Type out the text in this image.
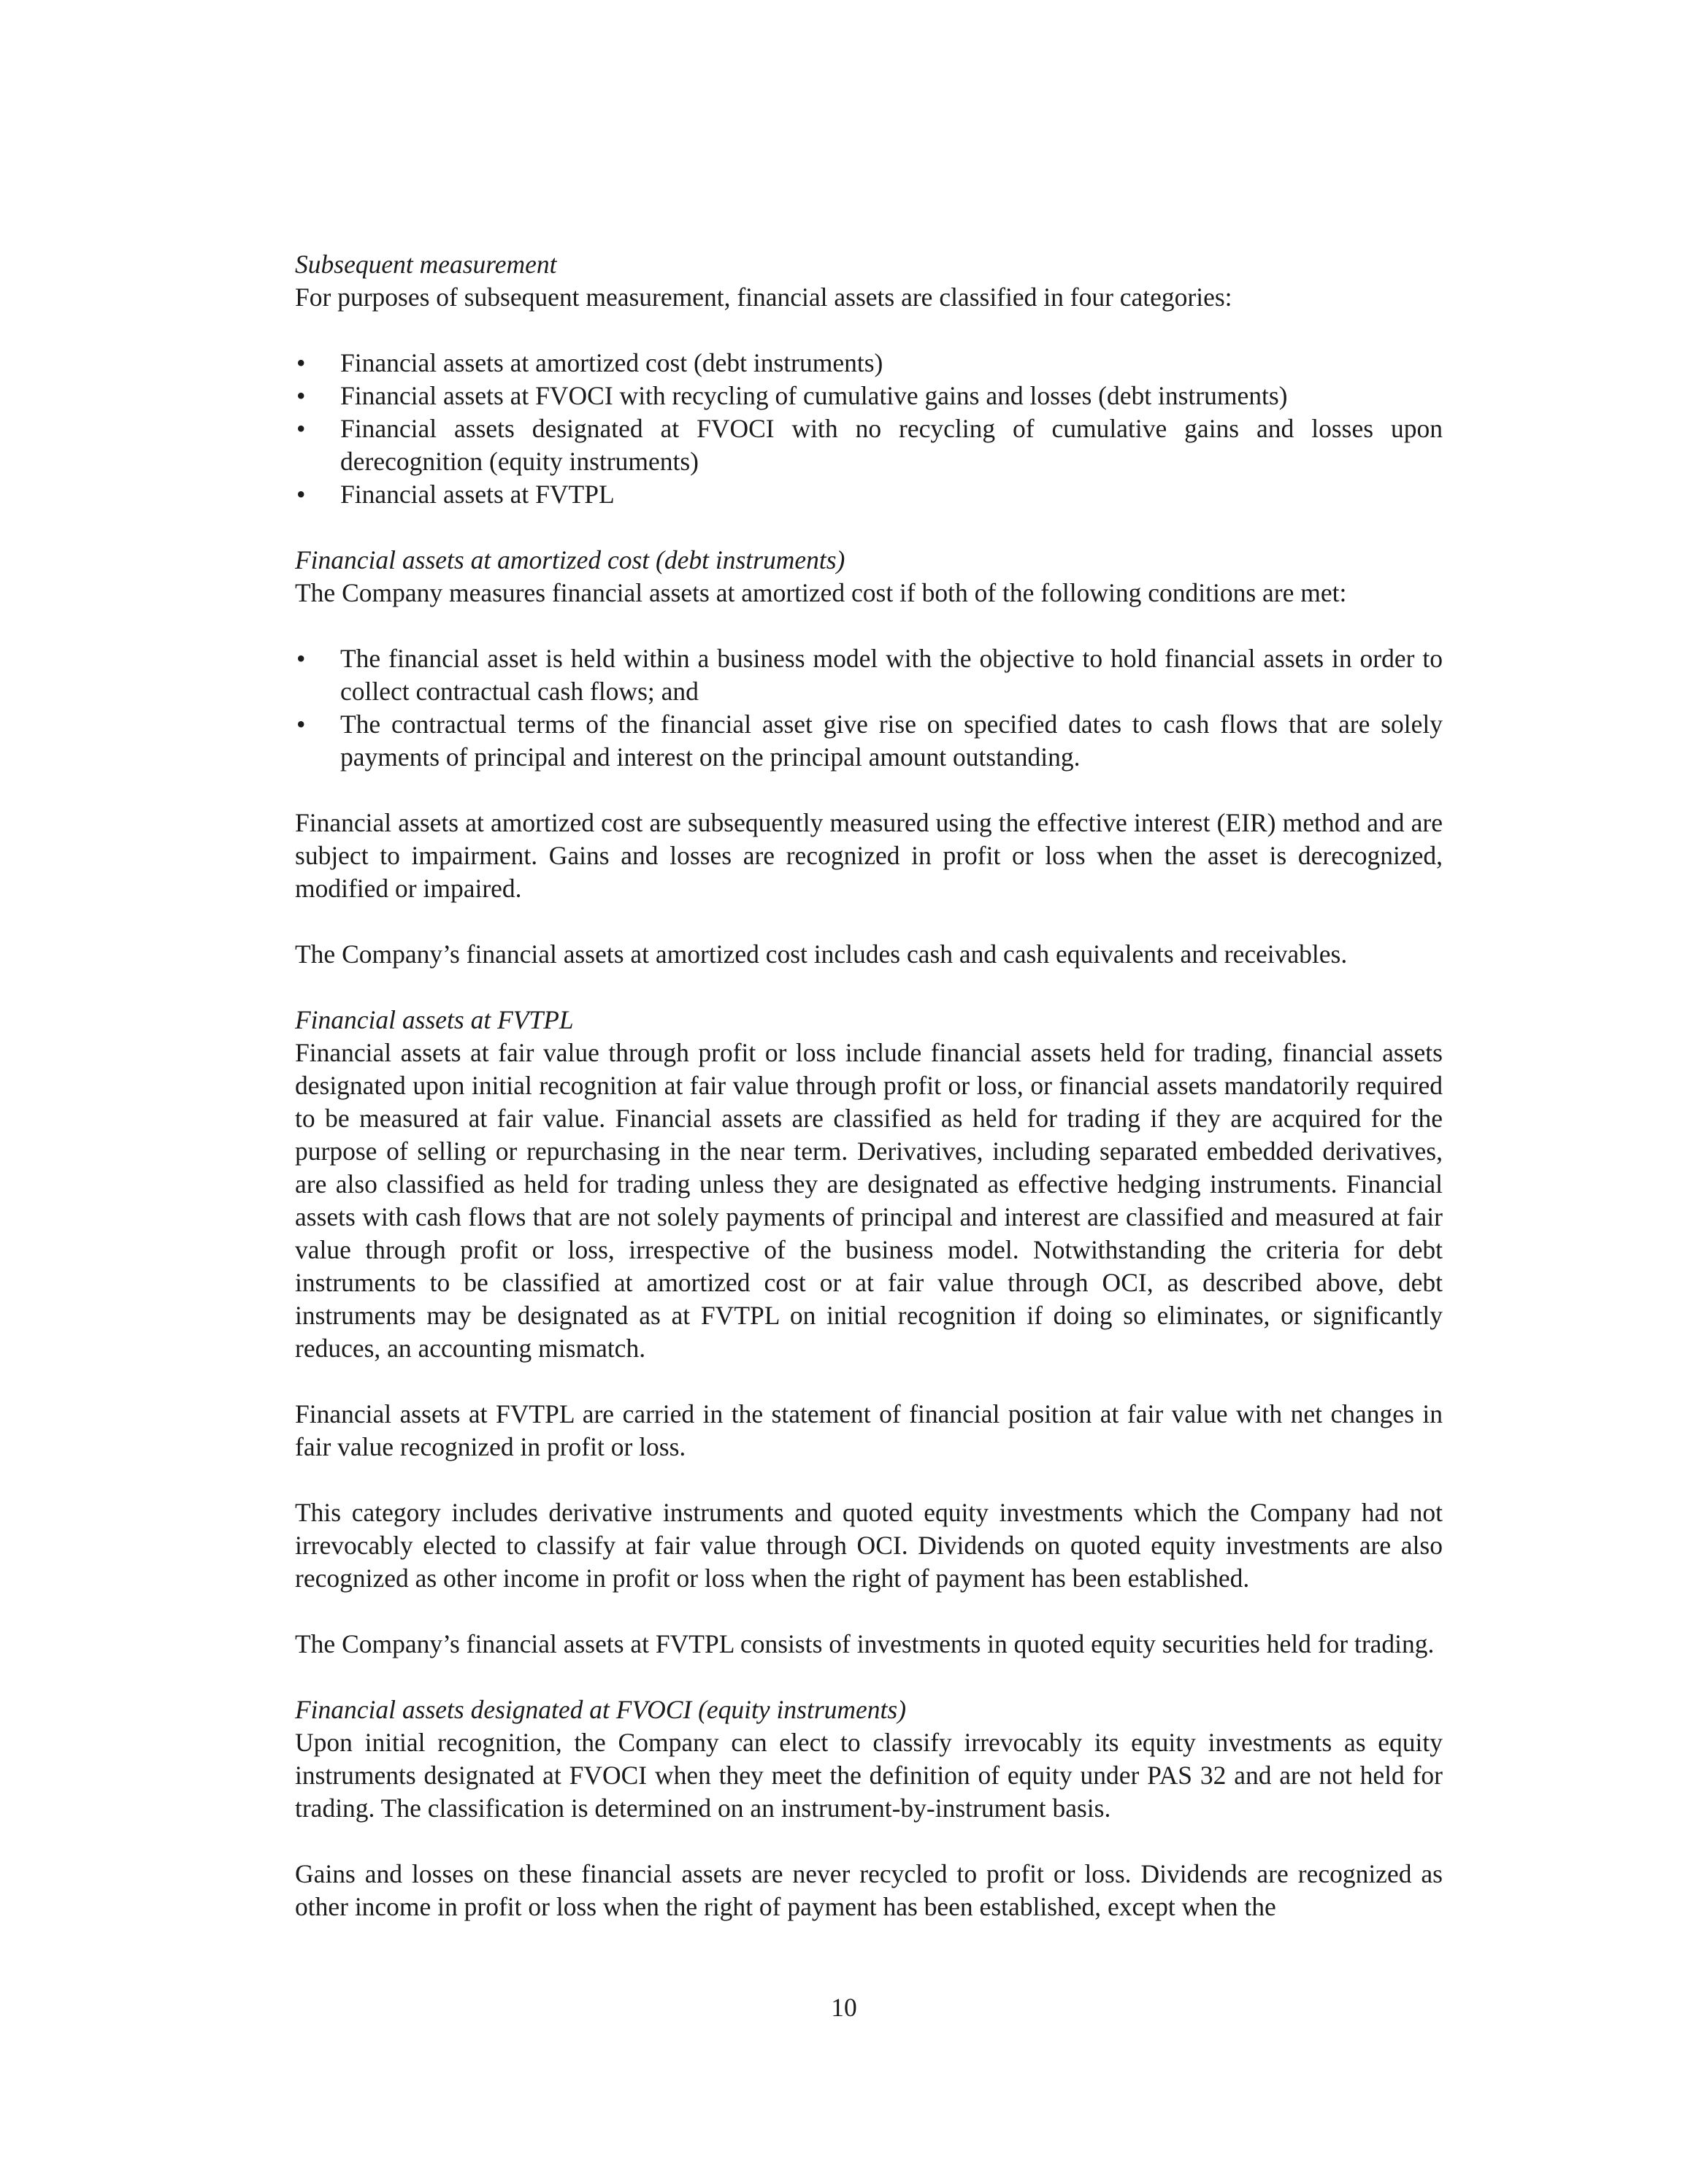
Subsequent measurement

For purposes of subsequent measurement, financial assets are classified in four categories:

•	Financial assets at amortized cost (debt instruments)
•	Financial assets at FVOCI with recycling of cumulative gains and losses (debt instruments)
•	Financial assets designated at FVOCI with no recycling of cumulative gains and losses upon derecognition (equity instruments)
•	Financial assets at FVTPL
Financial assets at amortized cost (debt instruments)

The Company measures financial assets at amortized cost if both of the following conditions are met:

•	The financial asset is held within a business model with the objective to hold financial assets in order to collect contractual cash flows; and
•	The contractual terms of the financial asset give rise on specified dates to cash flows that are solely payments of principal and interest on the principal amount outstanding.

Financial assets at amortized cost are subsequently measured using the effective interest (EIR) method and are subject to impairment. Gains and losses are recognized in profit or loss when the asset is derecognized, modified or impaired.

The Company’s financial assets at amortized cost includes cash and cash equivalents and receivables.

Financial assets at FVTPL

Financial assets at fair value through profit or loss include financial assets held for trading, financial assets designated upon initial recognition at fair value through profit or loss, or financial assets mandatorily required to be measured at fair value. Financial assets are classified as held for trading if they are acquired for the purpose of selling or repurchasing in the near term. Derivatives, including separated embedded derivatives, are also classified as held for trading unless they are designated as effective hedging instruments. Financial assets with cash flows that are not solely payments of principal and interest are classified and measured at fair value through profit or loss, irrespective of the business model. Notwithstanding the criteria for debt instruments to be classified at amortized cost or at fair value through OCI, as described above, debt instruments may be designated as at FVTPL on initial recognition if doing so eliminates, or significantly reduces, an accounting mismatch.

Financial assets at FVTPL are carried in the statement of financial position at fair value with net changes in fair value recognized in profit or loss.

This category includes derivative instruments and quoted equity investments which the Company had not irrevocably elected to classify at fair value through OCI. Dividends on quoted equity investments are also recognized as other income in profit or loss when the right of payment has been established.

The Company’s financial assets at FVTPL consists of investments in quoted equity securities held for trading.

Financial assets designated at FVOCI (equity instruments)

Upon initial recognition, the Company can elect to classify irrevocably its equity investments as equity instruments designated at FVOCI when they meet the definition of equity under PAS 32 and are not held for trading. The classification is determined on an instrument-by-instrument basis.

Gains and losses on these financial assets are never recycled to profit or loss. Dividends are recognized as other income in profit or loss when the right of payment has been established, except when the

10
